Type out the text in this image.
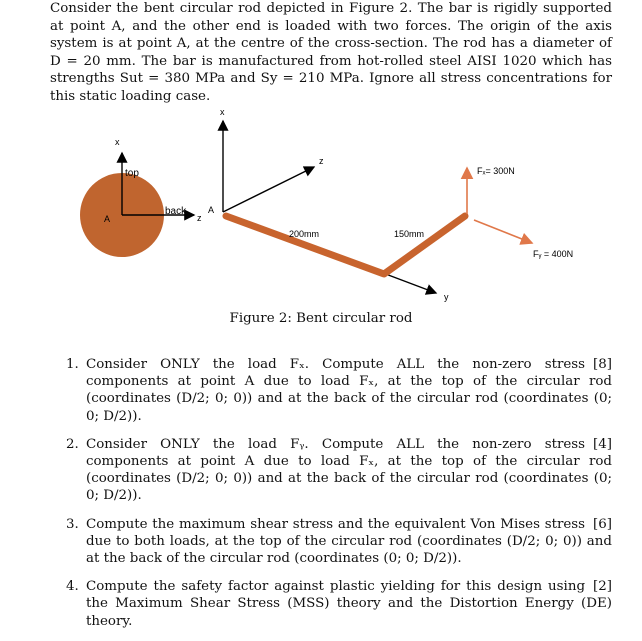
Consider the bent circular rod depicted in Figure 2. The bar is rigidly supported at point A, and the other end is loaded with two forces. The origin of the axis system is at point A, at the centre of the cross-section. The rod has a diameter of D = 20 mm. The bar is manufactured from hot-rolled steel AISI 1020 which has strengths Sut = 380 MPa and Sy = 210 MPa. Ignore all stress concentrations for this static loading case.
x
z
top
back
A
x
z
y
A
200mm	150mm
Fₓ= 300N
Fᵧ = 400N
Figure 2: Bent circular rod
1.	[8]
Consider ONLY the load Fₓ. Compute ALL the non-zero stress components at point A due to load Fₓ, at the top of the circular rod (coordinates (D/2; 0; 0)) and at the back of the circular rod (coordinates (0; 0; D/2)).
2.	[4]
Consider ONLY the load Fᵧ. Compute ALL the non-zero stress components at point A due to load Fₓ, at the top of the circular rod (coordinates (D/2; 0; 0)) and at the back of the circular rod (coordinates (0; 0; D/2)).
3.	[6]
Compute the maximum shear stress and the equivalent Von Mises stress due to both loads, at the top of the circular rod (coordinates (D/2; 0; 0)) and at the back of the circular rod (coordinates (0; 0; D/2)).
4.	[2]
Compute the safety factor against plastic yielding for this design using the Maximum Shear Stress (MSS) theory and the Distortion Energy (DE) theory.
